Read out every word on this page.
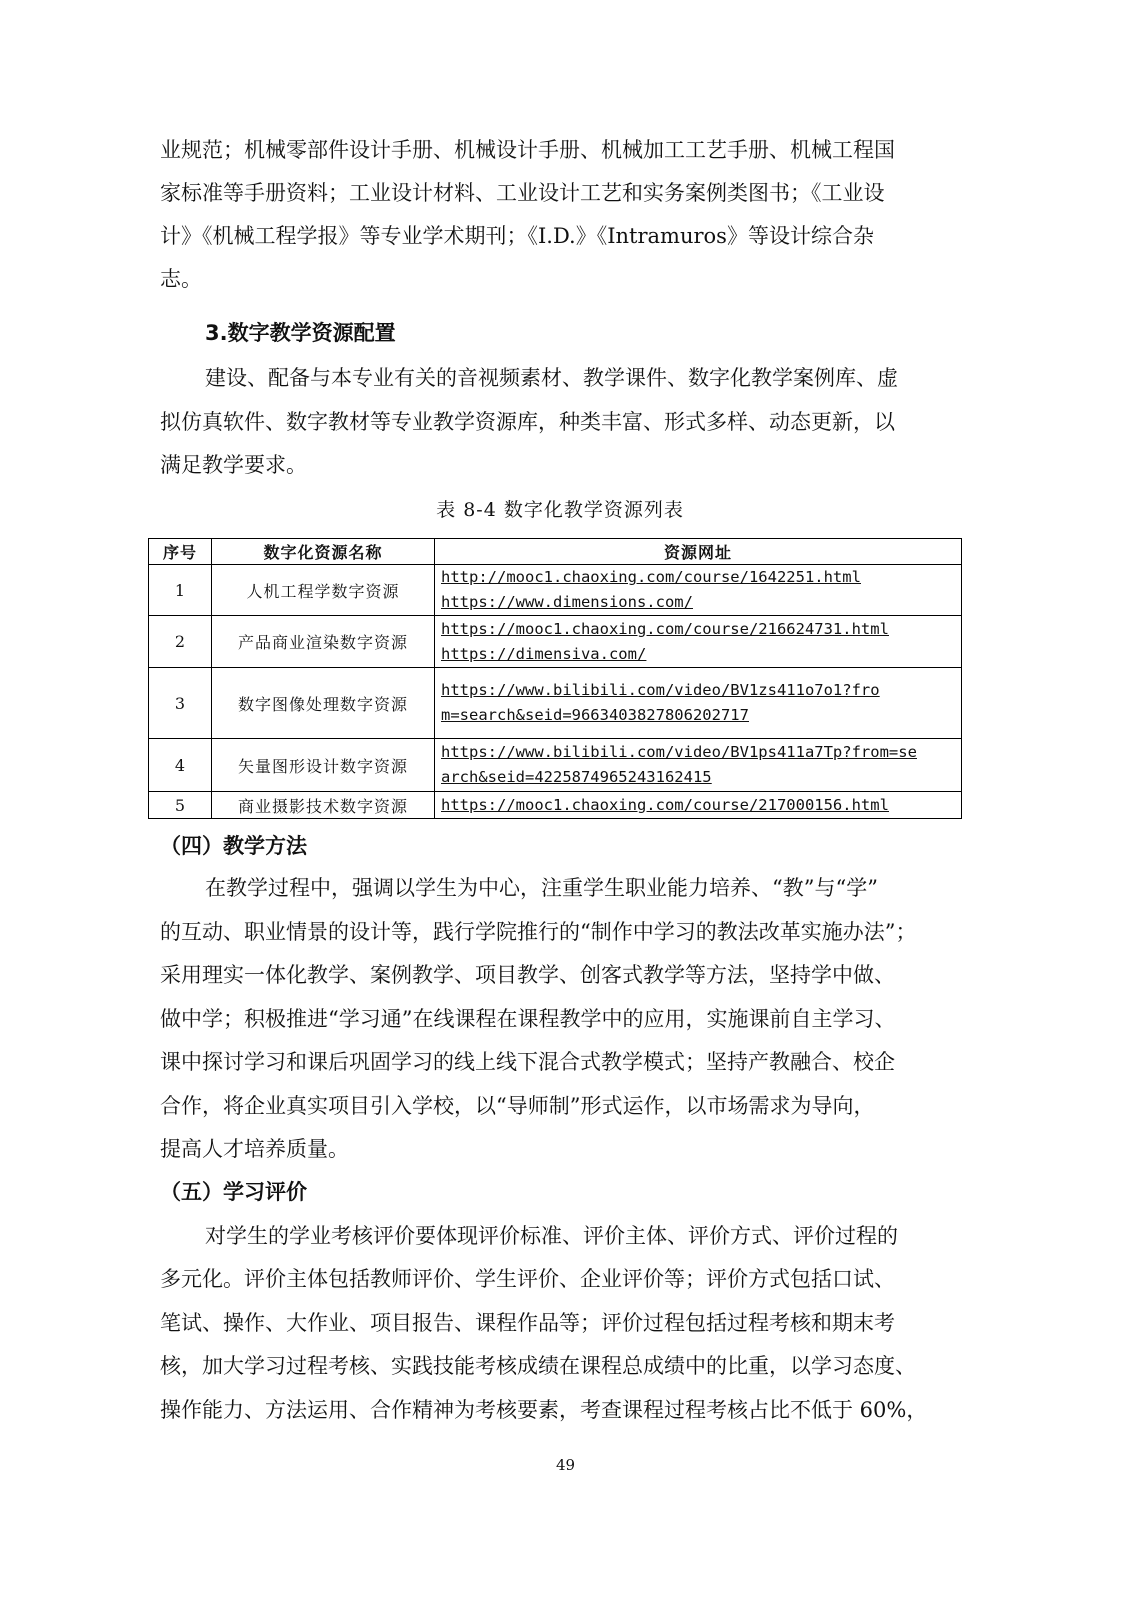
业规范；机械零部件设计手册、机械设计手册、机械加工工艺手册、机械工程国
家标准等手册资料；工业设计材料、工业设计工艺和实务案例类图书；《工业设
计》《机械工程学报》等专业学术期刊；《I.D.》《Intramuros》等设计综合杂
志。
3.数字教学资源配置
建设、配备与本专业有关的音视频素材、教学课件、数字化教学案例库、虚
拟仿真软件、数字教材等专业教学资源库，种类丰富、形式多样、动态更新，以
满足教学要求。
表 8-4 数字化教学资源列表
序号	数字化资源名称	资源网址
1	人机工程学数字资源	http://mooc1.chaoxing.com/course/1642251.html
https://www.dimensions.com/

2	产品商业渲染数字资源	https://mooc1.chaoxing.com/course/216624731.html
https://dimensiva.com/

3	数字图像处理数字资源	https://www.bilibili.com/video/BV1zs411o7o1?fro
m=search&seid=9663403827806202717

4	矢量图形设计数字资源	https://www.bilibili.com/video/BV1ps411a7Tp?from=se
arch&seid=4225874965243162415

5	商业摄影技术数字资源	https://mooc1.chaoxing.com/course/217000156.html
（四）教学方法
在教学过程中，强调以学生为中心，注重学生职业能力培养、“教”与“学”
的互动、职业情景的设计等，践行学院推行的“制作中学习的教法改革实施办法”；
采用理实一体化教学、案例教学、项目教学、创客式教学等方法，坚持学中做、
做中学；积极推进“学习通”在线课程在课程教学中的应用，实施课前自主学习、
课中探讨学习和课后巩固学习的线上线下混合式教学模式；坚持产教融合、校企
合作，将企业真实项目引入学校，以“导师制”形式运作，以市场需求为导向，
提高人才培养质量。
（五）学习评价
对学生的学业考核评价要体现评价标准、评价主体、评价方式、评价过程的
多元化。评价主体包括教师评价、学生评价、企业评价等；评价方式包括口试、
笔试、操作、大作业、项目报告、课程作品等；评价过程包括过程考核和期末考
核，加大学习过程考核、实践技能考核成绩在课程总成绩中的比重，以学习态度、
操作能力、方法运用、合作精神为考核要素，考查课程过程考核占比不低于 60%，
49
